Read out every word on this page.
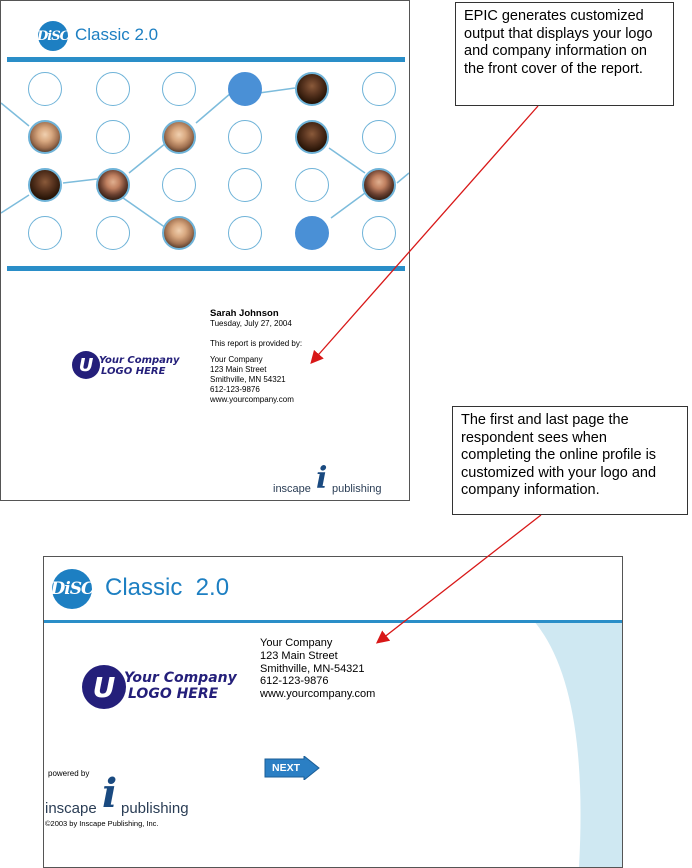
DiSC Classic 2.0
Sarah Johnson
Tuesday, July 27, 2004
This report is provided by:
Your Company
123 Main Street
Smithville, MN 54321
612-123-9876
www.yourcompany.com
U Your Company
LOGO HERE
inscape i publishing
EPIC generates customized output that displays your logo and company information on the front cover of the report.
The first and last page the respondent sees when completing the online profile is customized with your logo and company information.
DiSC Classic  2.0
Your Company
123 Main Street
Smithville, MN-54321
612-123-9876
www.yourcompany.com
U Your Company
LOGO HERE
powered by
inscape i publishing
©2003 by Inscape Publishing, Inc.
NEXT
